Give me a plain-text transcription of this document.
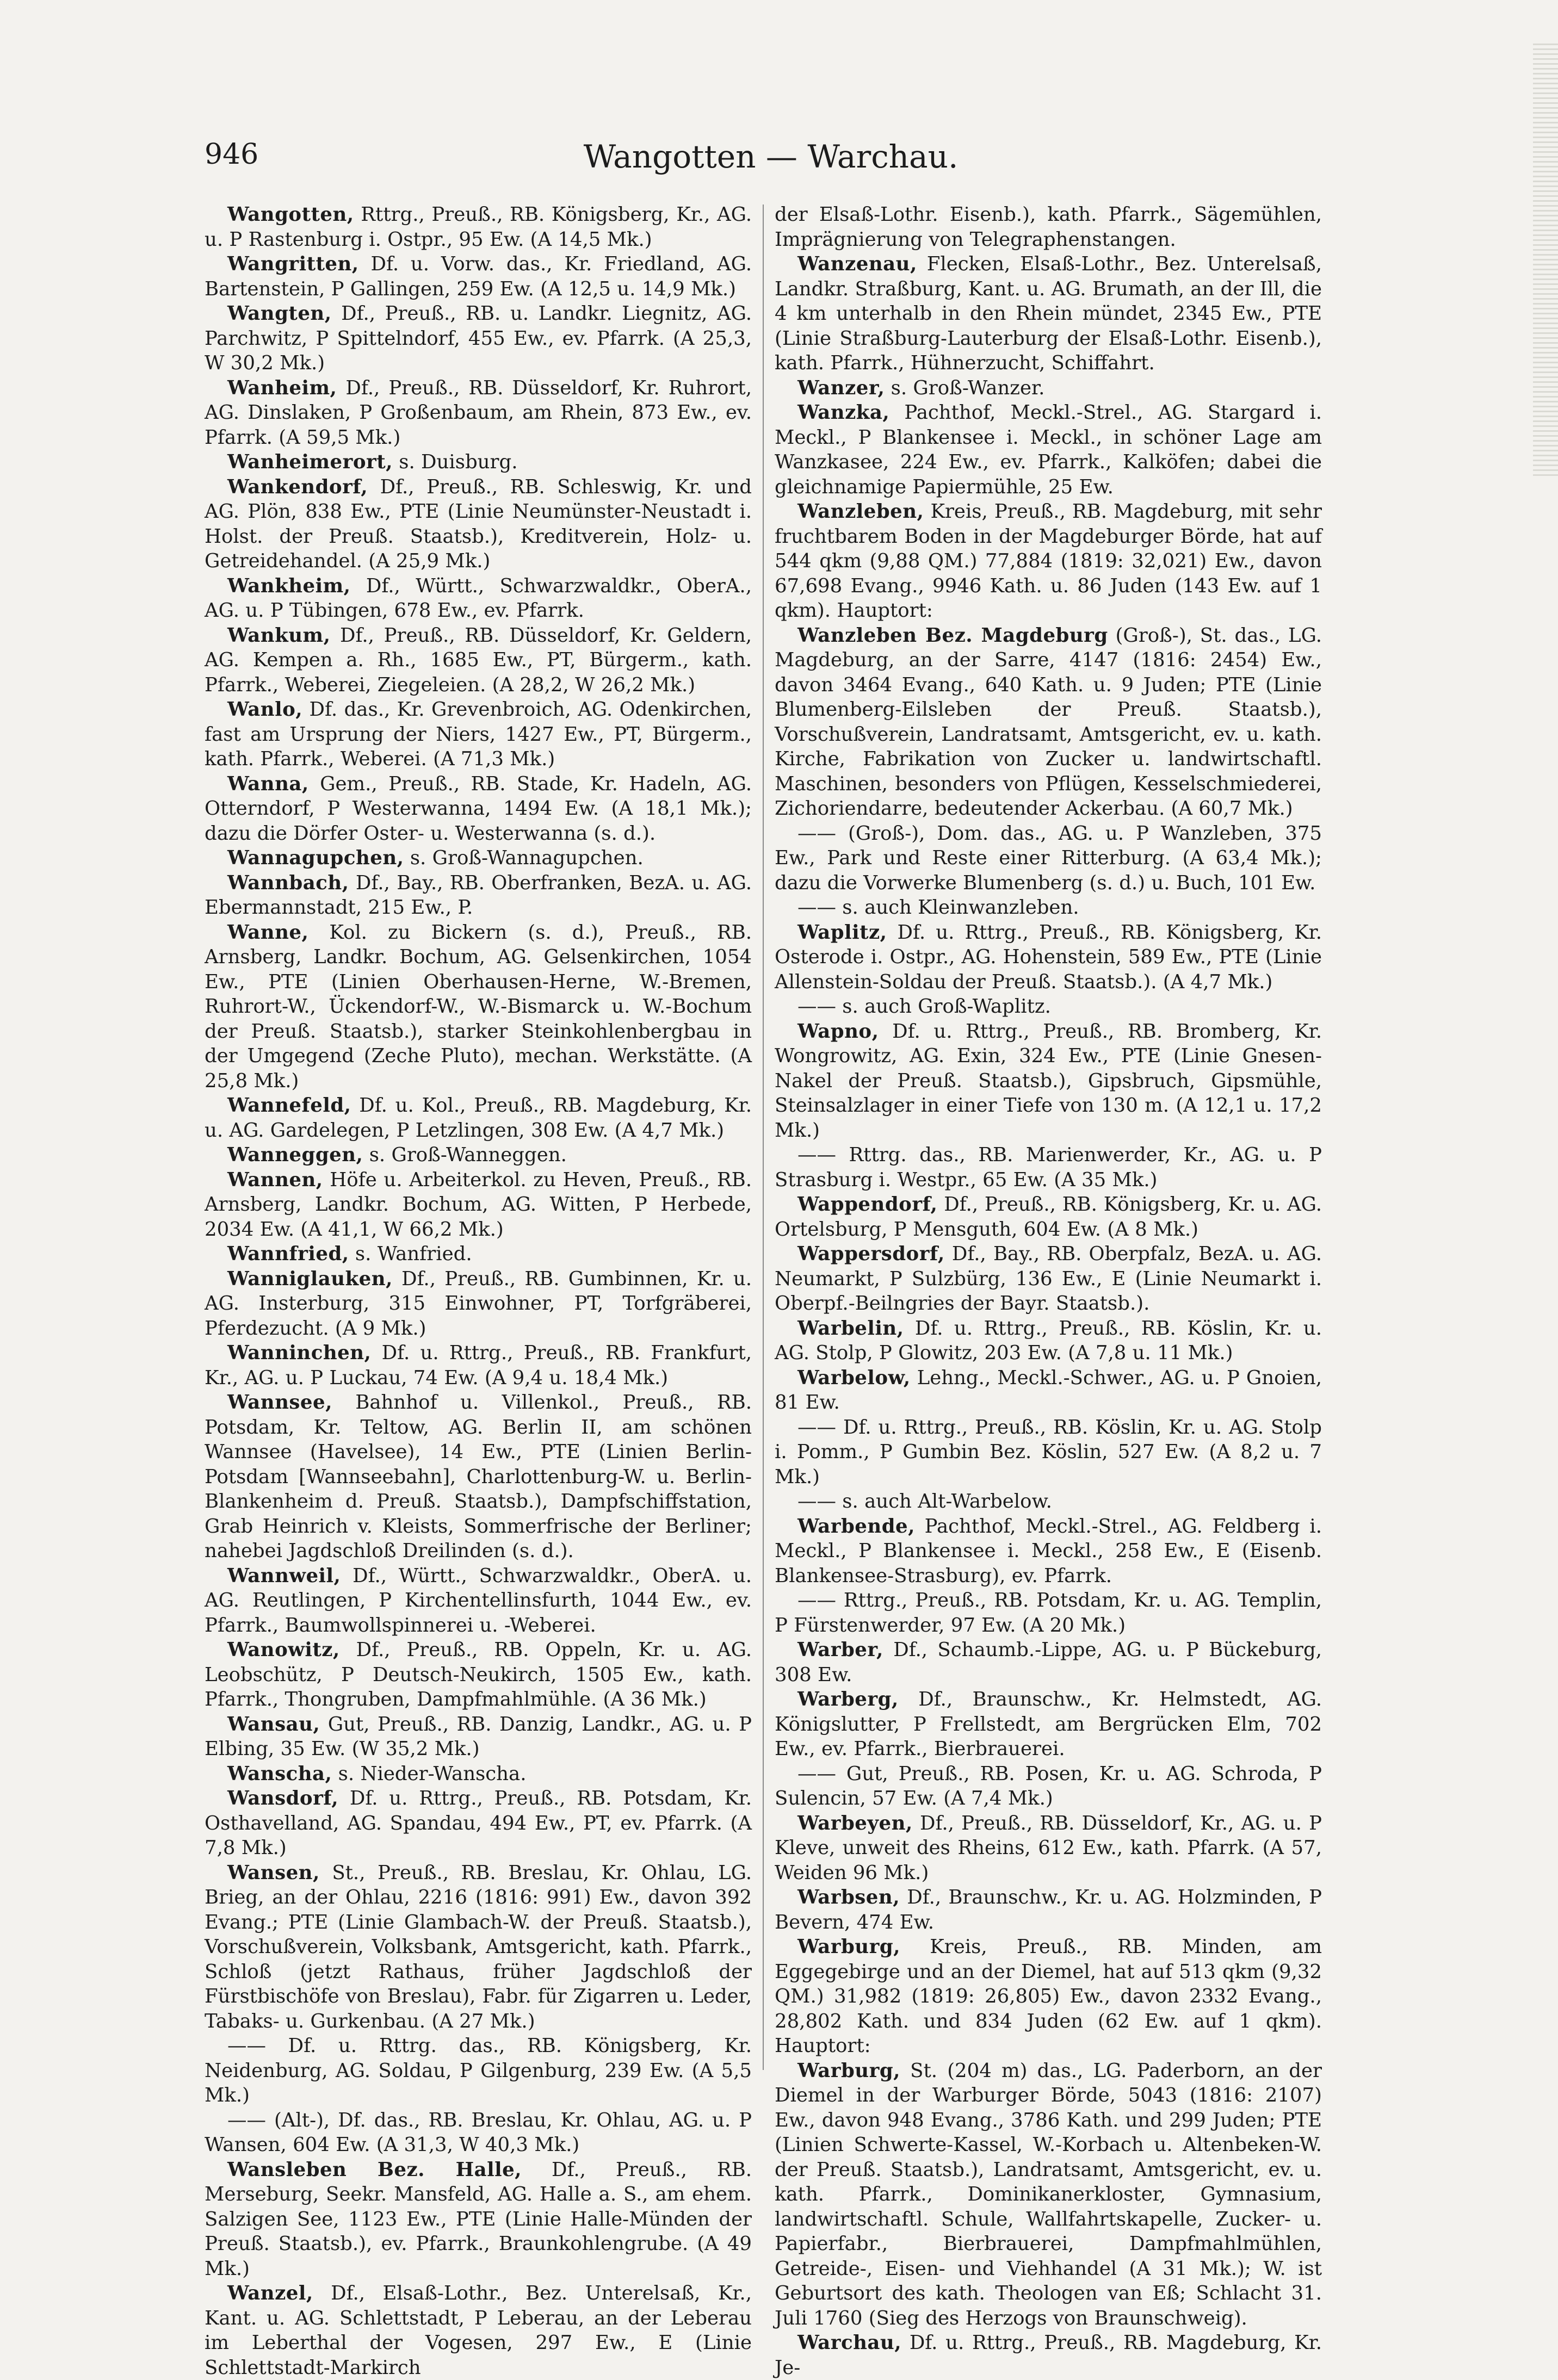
946	Wangotten — Warchau.

Wangotten, Rttrg., Preuß., RB. Königsberg, Kr., AG. u. P Rastenburg i. Ostpr., 95 Ew. (A 14,5 Mk.)

Wangritten, Df. u. Vorw. das., Kr. Friedland, AG. Bartenstein, P Gallingen, 259 Ew. (A 12,5 u. 14,9 Mk.)

Wangten, Df., Preuß., RB. u. Landkr. Liegnitz, AG. Parchwitz, P Spittelndorf, 455 Ew., ev. Pfarrk. (A 25,3, W 30,2 Mk.)

Wanheim, Df., Preuß., RB. Düsseldorf, Kr. Ruhrort, AG. Dinslaken, P Großenbaum, am Rhein, 873 Ew., ev. Pfarrk. (A 59,5 Mk.)

Wanheimerort, s. Duisburg.

Wankendorf, Df., Preuß., RB. Schleswig, Kr. und AG. Plön, 838 Ew., PTE (Linie Neumünster-Neustadt i. Holst. der Preuß. Staatsb.), Kreditverein, Holz- u. Getreidehandel. (A 25,9 Mk.)

Wankheim, Df., Württ., Schwarzwaldkr., OberA., AG. u. P Tübingen, 678 Ew., ev. Pfarrk.

Wankum, Df., Preuß., RB. Düsseldorf, Kr. Geldern, AG. Kempen a. Rh., 1685 Ew., PT, Bürgerm., kath. Pfarrk., Weberei, Ziegeleien. (A 28,2, W 26,2 Mk.)

Wanlo, Df. das., Kr. Grevenbroich, AG. Odenkirchen, fast am Ursprung der Niers, 1427 Ew., PT, Bürgerm., kath. Pfarrk., Weberei. (A 71,3 Mk.)

Wanna, Gem., Preuß., RB. Stade, Kr. Hadeln, AG. Otterndorf, P Westerwanna, 1494 Ew. (A 18,1 Mk.); dazu die Dörfer Oster- u. Westerwanna (s. d.).

Wannagupchen, s. Groß-Wannagupchen.

Wannbach, Df., Bay., RB. Oberfranken, BezA. u. AG. Ebermannstadt, 215 Ew., P.

Wanne, Kol. zu Bickern (s. d.), Preuß., RB. Arnsberg, Landkr. Bochum, AG. Gelsenkirchen, 1054 Ew., PTE (Linien Oberhausen-Herne, W.-Bremen, Ruhrort-W., Ückendorf-W., W.-Bismarck u. W.-Bochum der Preuß. Staatsb.), starker Steinkohlenbergbau in der Umgegend (Zeche Pluto), mechan. Werkstätte. (A 25,8 Mk.)

Wannefeld, Df. u. Kol., Preuß., RB. Magdeburg, Kr. u. AG. Gardelegen, P Letzlingen, 308 Ew. (A 4,7 Mk.)

Wanneggen, s. Groß-Wanneggen.

Wannen, Höfe u. Arbeiterkol. zu Heven, Preuß., RB. Arnsberg, Landkr. Bochum, AG. Witten, P Herbede, 2034 Ew. (A 41,1, W 66,2 Mk.)

Wannfried, s. Wanfried.

Wanniglauken, Df., Preuß., RB. Gumbinnen, Kr. u. AG. Insterburg, 315 Einwohner, PT, Torfgräberei, Pferdezucht. (A 9 Mk.)

Wanninchen, Df. u. Rttrg., Preuß., RB. Frankfurt, Kr., AG. u. P Luckau, 74 Ew. (A 9,4 u. 18,4 Mk.)

Wannsee, Bahnhof u. Villenkol., Preuß., RB. Potsdam, Kr. Teltow, AG. Berlin II, am schönen Wannsee (Havelsee), 14 Ew., PTE (Linien Berlin-Potsdam [Wannseebahn], Charlottenburg-W. u. Berlin-Blankenheim d. Preuß. Staatsb.), Dampfschiffstation, Grab Heinrich v. Kleists, Sommerfrische der Berliner; nahebei Jagdschloß Dreilinden (s. d.).

Wannweil, Df., Württ., Schwarzwaldkr., OberA. u. AG. Reutlingen, P Kirchentellinsfurth, 1044 Ew., ev. Pfarrk., Baumwollspinnerei u. -Weberei.

Wanowitz, Df., Preuß., RB. Oppeln, Kr. u. AG. Leobschütz, P Deutsch-Neukirch, 1505 Ew., kath. Pfarrk., Thongruben, Dampfmahlmühle. (A 36 Mk.)

Wansau, Gut, Preuß., RB. Danzig, Landkr., AG. u. P Elbing, 35 Ew. (W 35,2 Mk.)

Wanscha, s. Nieder-Wanscha.

Wansdorf, Df. u. Rttrg., Preuß., RB. Potsdam, Kr. Osthavelland, AG. Spandau, 494 Ew., PT, ev. Pfarrk. (A 7,8 Mk.)

Wansen, St., Preuß., RB. Breslau, Kr. Ohlau, LG. Brieg, an der Ohlau, 2216 (1816: 991) Ew., davon 392 Evang.; PTE (Linie Glambach-W. der Preuß. Staatsb.), Vorschußverein, Volksbank, Amtsgericht, kath. Pfarrk., Schloß (jetzt Rathaus, früher Jagdschloß der Fürstbischöfe von Breslau), Fabr. für Zigarren u. Leder, Tabaks- u. Gurkenbau. (A 27 Mk.)

—— Df. u. Rttrg. das., RB. Königsberg, Kr. Neidenburg, AG. Soldau, P Gilgenburg, 239 Ew. (A 5,5 Mk.)

—— (Alt-), Df. das., RB. Breslau, Kr. Ohlau, AG. u. P Wansen, 604 Ew. (A 31,3, W 40,3 Mk.)

Wansleben Bez. Halle, Df., Preuß., RB. Merseburg, Seekr. Mansfeld, AG. Halle a. S., am ehem. Salzigen See, 1123 Ew., PTE (Linie Halle-Münden der Preuß. Staatsb.), ev. Pfarrk., Braunkohlengrube. (A 49 Mk.)

Wanzel, Df., Elsaß-Lothr., Bez. Unterelsaß, Kr., Kant. u. AG. Schlettstadt, P Leberau, an der Leberau im Leberthal der Vogesen, 297 Ew., E (Linie Schlettstadt-Markirch

der Elsaß-Lothr. Eisenb.), kath. Pfarrk., Sägemühlen, Imprägnierung von Telegraphenstangen.

Wanzenau, Flecken, Elsaß-Lothr., Bez. Unterelsaß, Landkr. Straßburg, Kant. u. AG. Brumath, an der Ill, die 4 km unterhalb in den Rhein mündet, 2345 Ew., PTE (Linie Straßburg-Lauterburg der Elsaß-Lothr. Eisenb.), kath. Pfarrk., Hühnerzucht, Schiffahrt.

Wanzer, s. Groß-Wanzer.

Wanzka, Pachthof, Meckl.-Strel., AG. Stargard i. Meckl., P Blankensee i. Meckl., in schöner Lage am Wanzkasee, 224 Ew., ev. Pfarrk., Kalköfen; dabei die gleichnamige Papiermühle, 25 Ew.

Wanzleben, Kreis, Preuß., RB. Magdeburg, mit sehr fruchtbarem Boden in der Magdeburger Börde, hat auf 544 qkm (9,88 QM.) 77,884 (1819: 32,021) Ew., davon 67,698 Evang., 9946 Kath. u. 86 Juden (143 Ew. auf 1 qkm). Hauptort:

Wanzleben Bez. Magdeburg (Groß-), St. das., LG. Magdeburg, an der Sarre, 4147 (1816: 2454) Ew., davon 3464 Evang., 640 Kath. u. 9 Juden; PTE (Linie Blumenberg-Eilsleben der Preuß. Staatsb.), Vorschußverein, Landratsamt, Amtsgericht, ev. u. kath. Kirche, Fabrikation von Zucker u. landwirtschaftl. Maschinen, besonders von Pflügen, Kesselschmiederei, Zichoriendarre, bedeutender Ackerbau. (A 60,7 Mk.)

—— (Groß-), Dom. das., AG. u. P Wanzleben, 375 Ew., Park und Reste einer Ritterburg. (A 63,4 Mk.); dazu die Vorwerke Blumenberg (s. d.) u. Buch, 101 Ew.

—— s. auch Kleinwanzleben.

Waplitz, Df. u. Rttrg., Preuß., RB. Königsberg, Kr. Osterode i. Ostpr., AG. Hohenstein, 589 Ew., PTE (Linie Allenstein-Soldau der Preuß. Staatsb.). (A 4,7 Mk.)

—— s. auch Groß-Waplitz.

Wapno, Df. u. Rttrg., Preuß., RB. Bromberg, Kr. Wongrowitz, AG. Exin, 324 Ew., PTE (Linie Gnesen-Nakel der Preuß. Staatsb.), Gipsbruch, Gipsmühle, Steinsalzlager in einer Tiefe von 130 m. (A 12,1 u. 17,2 Mk.)

—— Rttrg. das., RB. Marienwerder, Kr., AG. u. P Strasburg i. Westpr., 65 Ew. (A 35 Mk.)

Wappendorf, Df., Preuß., RB. Königsberg, Kr. u. AG. Ortelsburg, P Mensguth, 604 Ew. (A 8 Mk.)

Wappersdorf, Df., Bay., RB. Oberpfalz, BezA. u. AG. Neumarkt, P Sulzbürg, 136 Ew., E (Linie Neumarkt i. Oberpf.-Beilngries der Bayr. Staatsb.).

Warbelin, Df. u. Rttrg., Preuß., RB. Köslin, Kr. u. AG. Stolp, P Glowitz, 203 Ew. (A 7,8 u. 11 Mk.)

Warbelow, Lehng., Meckl.-Schwer., AG. u. P Gnoien, 81 Ew.

—— Df. u. Rttrg., Preuß., RB. Köslin, Kr. u. AG. Stolp i. Pomm., P Gumbin Bez. Köslin, 527 Ew. (A 8,2 u. 7 Mk.)

—— s. auch Alt-Warbelow.

Warbende, Pachthof, Meckl.-Strel., AG. Feldberg i. Meckl., P Blankensee i. Meckl., 258 Ew., E (Eisenb. Blankensee-Strasburg), ev. Pfarrk.

—— Rttrg., Preuß., RB. Potsdam, Kr. u. AG. Templin, P Fürstenwerder, 97 Ew. (A 20 Mk.)

Warber, Df., Schaumb.-Lippe, AG. u. P Bückeburg, 308 Ew.

Warberg, Df., Braunschw., Kr. Helmstedt, AG. Königslutter, P Frellstedt, am Bergrücken Elm, 702 Ew., ev. Pfarrk., Bierbrauerei.

—— Gut, Preuß., RB. Posen, Kr. u. AG. Schroda, P Sulencin, 57 Ew. (A 7,4 Mk.)

Warbeyen, Df., Preuß., RB. Düsseldorf, Kr., AG. u. P Kleve, unweit des Rheins, 612 Ew., kath. Pfarrk. (A 57, Weiden 96 Mk.)

Warbsen, Df., Braunschw., Kr. u. AG. Holzminden, P Bevern, 474 Ew.

Warburg, Kreis, Preuß., RB. Minden, am Eggegebirge und an der Diemel, hat auf 513 qkm (9,32 QM.) 31,982 (1819: 26,805) Ew., davon 2332 Evang., 28,802 Kath. und 834 Juden (62 Ew. auf 1 qkm). Hauptort:

Warburg, St. (204 m) das., LG. Paderborn, an der Diemel in der Warburger Börde, 5043 (1816: 2107) Ew., davon 948 Evang., 3786 Kath. und 299 Juden; PTE (Linien Schwerte-Kassel, W.-Korbach u. Altenbeken-W. der Preuß. Staatsb.), Landratsamt, Amtsgericht, ev. u. kath. Pfarrk., Dominikanerkloster, Gymnasium, landwirtschaftl. Schule, Wallfahrtskapelle, Zucker- u. Papierfabr., Bierbrauerei, Dampfmahlmühlen, Getreide-, Eisen- und Viehhandel (A 31 Mk.); W. ist Geburtsort des kath. Theologen van Eß; Schlacht 31. Juli 1760 (Sieg des Herzogs von Braunschweig).

Warchau, Df. u. Rttrg., Preuß., RB. Magdeburg, Kr. Je-
